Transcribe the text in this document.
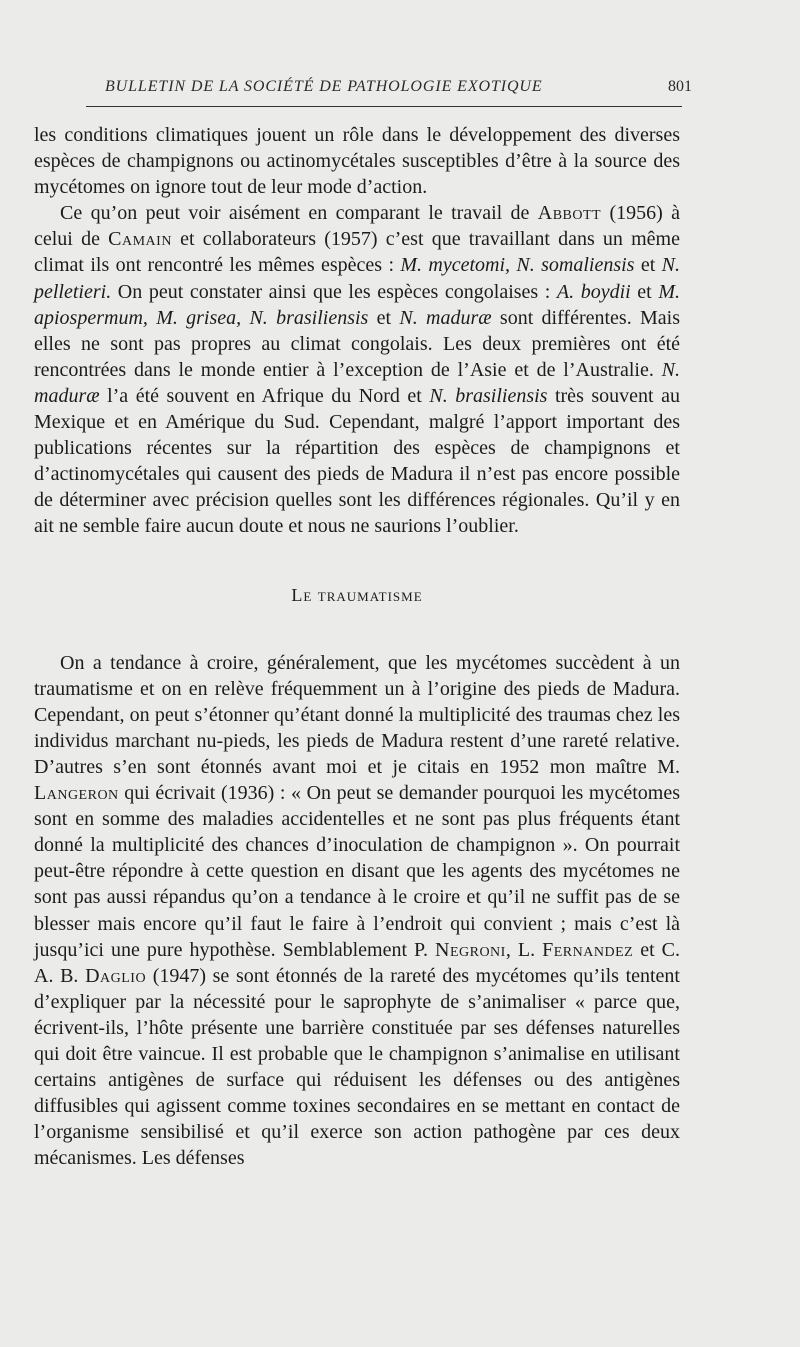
BULLETIN DE LA SOCIÉTÉ DE PATHOLOGIE EXOTIQUE	801

les conditions climatiques jouent un rôle dans le développement des diverses espèces de champignons ou actinomycétales susceptibles d’être à la source des mycétomes on ignore tout de leur mode d’action.

Ce qu’on peut voir aisément en comparant le travail de Abbott (1956) à celui de Camain et collaborateurs (1957) c’est que travaillant dans un même climat ils ont rencontré les mêmes espèces : M. mycetomi, N. somaliensis et N. pelletieri. On peut constater ainsi que les espèces congolaises : A. boydii et M. apiospermum, M. grisea, N. brasiliensis et N. maduræ sont différentes. Mais elles ne sont pas propres au climat congolais. Les deux premières ont été rencontrées dans le monde entier à l’exception de l’Asie et de l’Australie. N. maduræ l’a été souvent en Afrique du Nord et N. brasiliensis très souvent au Mexique et en Amérique du Sud. Cependant, malgré l’apport important des publications récentes sur la répartition des espèces de champignons et d’actinomycétales qui causent des pieds de Madura il n’est pas encore possible de déterminer avec précision quelles sont les différences régionales. Qu’il y en ait ne semble faire aucun doute et nous ne saurions l’oublier.

Le traumatisme

On a tendance à croire, généralement, que les mycétomes succèdent à un traumatisme et on en relève fréquemment un à l’origine des pieds de Madura. Cependant, on peut s’étonner qu’étant donné la multiplicité des traumas chez les individus marchant nu-pieds, les pieds de Madura restent d’une rareté relative. D’autres s’en sont étonnés avant moi et je citais en 1952 mon maître M. Langeron qui écrivait (1936) : « On peut se demander pourquoi les mycétomes sont en somme des maladies accidentelles et ne sont pas plus fréquents étant donné la multiplicité des chances d’inoculation de champignon ». On pourrait peut-être répondre à cette question en disant que les agents des mycétomes ne sont pas aussi répandus qu’on a tendance à le croire et qu’il ne suffit pas de se blesser mais encore qu’il faut le faire à l’endroit qui convient ; mais c’est là jusqu’ici une pure hypothèse. Semblablement P. Negroni, L. Fernandez et C. A. B. Daglio (1947) se sont étonnés de la rareté des mycétomes qu’ils tentent d’expliquer par la nécessité pour le saprophyte de s’animaliser « parce que, écrivent-ils, l’hôte présente une barrière constituée par ses défenses naturelles qui doit être vaincue. Il est probable que le champignon s’animalise en utilisant certains antigènes de surface qui réduisent les défenses ou des antigènes diffusibles qui agissent comme toxines secondaires en se mettant en contact de l’organisme sensibilisé et qu’il exerce son action pathogène par ces deux mécanismes. Les défenses
